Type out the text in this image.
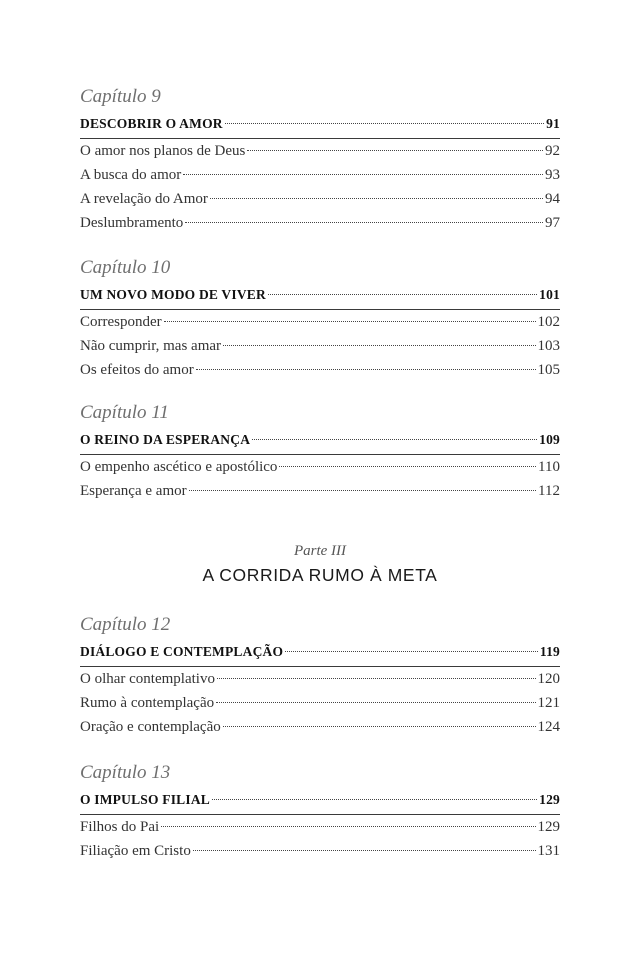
Capítulo 9
DESCOBRIR O AMOR	91
O amor nos planos de Deus	92
A busca do amor	93
A revelação do Amor	94
Deslumbramento	97
Capítulo 10
UM NOVO MODO DE VIVER	101
Corresponder	102
Não cumprir, mas amar	103
Os efeitos do amor	105
Capítulo 11
O REINO DA ESPERANÇA	109
O empenho ascético e apostólico	110
Esperança e amor	112
Parte III
A CORRIDA RUMO À META
Capítulo 12
DIÁLOGO E CONTEMPLAÇÃO	119
O olhar contemplativo	120
Rumo à contemplação	121
Oração e contemplação	124
Capítulo 13
O IMPULSO FILIAL	129
Filhos do Pai	129
Filiação em Cristo	131
